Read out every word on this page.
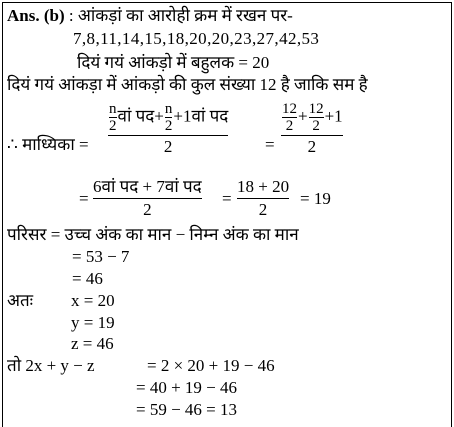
Ans. (b) : आंकड़ां का आरोही क्रम में रखन पर-
7,8,11,14,15,18,20,20,23,27,42,53
दियं गयं आंकड़ो में बहुलक = 20
दियं गयं आंकड़ा में आंकड़ो की कुल संख्या 12 है जाकि सम है
∴ माध्यिका =
$\frac{n}{2}$ वां पद+ $\frac{n}{2}$ +1वां पद
2	=
$\frac{12}{2} + \frac{12}{2} +1$
2
=
6वां पद + 7वां पद
2
=
18 + 20
2
= 19
परिसर = उच्च अंक का मान − निम्न अंक का मान
= 53 − 7
= 46
अतः x = 20
y = 19
z = 46
तो 2x + y − z	= 2 × 20 + 19 − 46
= 40 + 19 − 46
= 59 − 46 = 13
